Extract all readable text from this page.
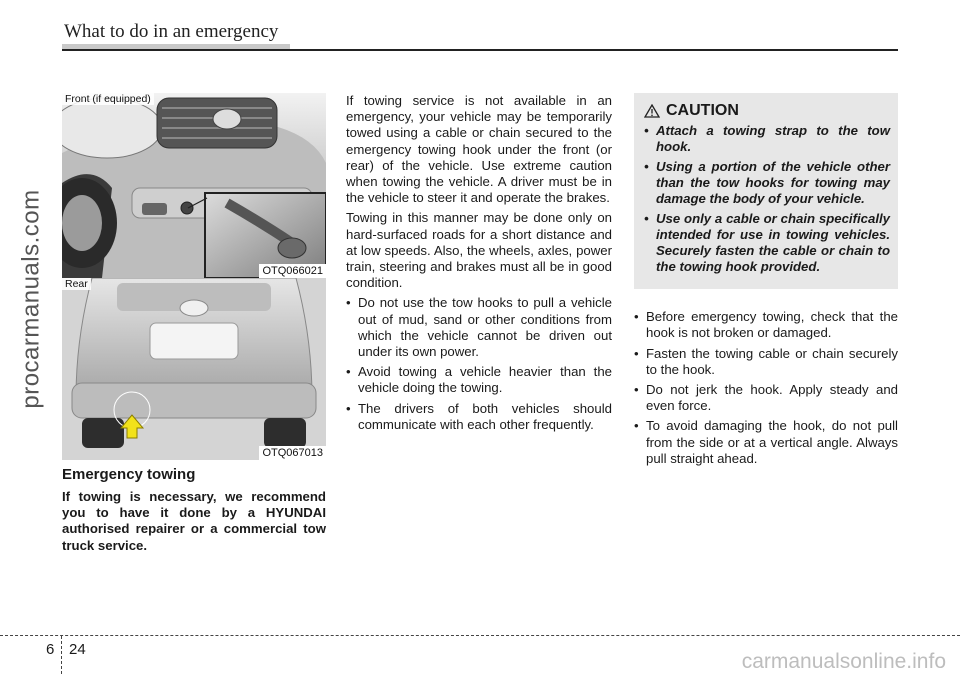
What to do in an emergency
procarmanuals.com
Front (if equipped)
OTQ066021
Rear
OTQ067013
Emergency towing

If towing is necessary, we recommend you to have it done by a HYUNDAI authorised repairer or a commercial tow truck service.

If towing service is not available in an emergency, your vehicle may be temporarily towed using a cable or chain secured to the emergency towing hook under the front (or rear) of the vehicle. Use extreme caution when towing the vehicle. A driver must be in the vehicle to steer it and operate the brakes.

Towing in this manner may be done only on hard-surfaced roads for a short distance and at low speeds. Also, the wheels, axles, power train, steering and brakes must all be in good condition.

• Do not use the tow hooks to pull a vehicle out of mud, sand or other conditions from which the vehicle cannot be driven out under its own power.
• Avoid towing a vehicle heavier than the vehicle doing the towing.
• The drivers of both vehicles should communicate with each other frequently.
CAUTION
• Attach a towing strap to the tow hook.
• Using a portion of the vehicle other than the tow hooks for towing may damage the body of your vehicle.
• Use only a cable or chain specifically intended for use in towing vehicles. Securely fasten the cable or chain to the towing hook provided.
• Before emergency towing, check that the hook is not broken or damaged.
• Fasten the towing cable or chain securely to the hook.
• Do not jerk the hook. Apply steady and even force.
• To avoid damaging the hook, do not pull from the side or at a vertical angle. Always pull straight ahead.
6 24
carmanualsonline.info
